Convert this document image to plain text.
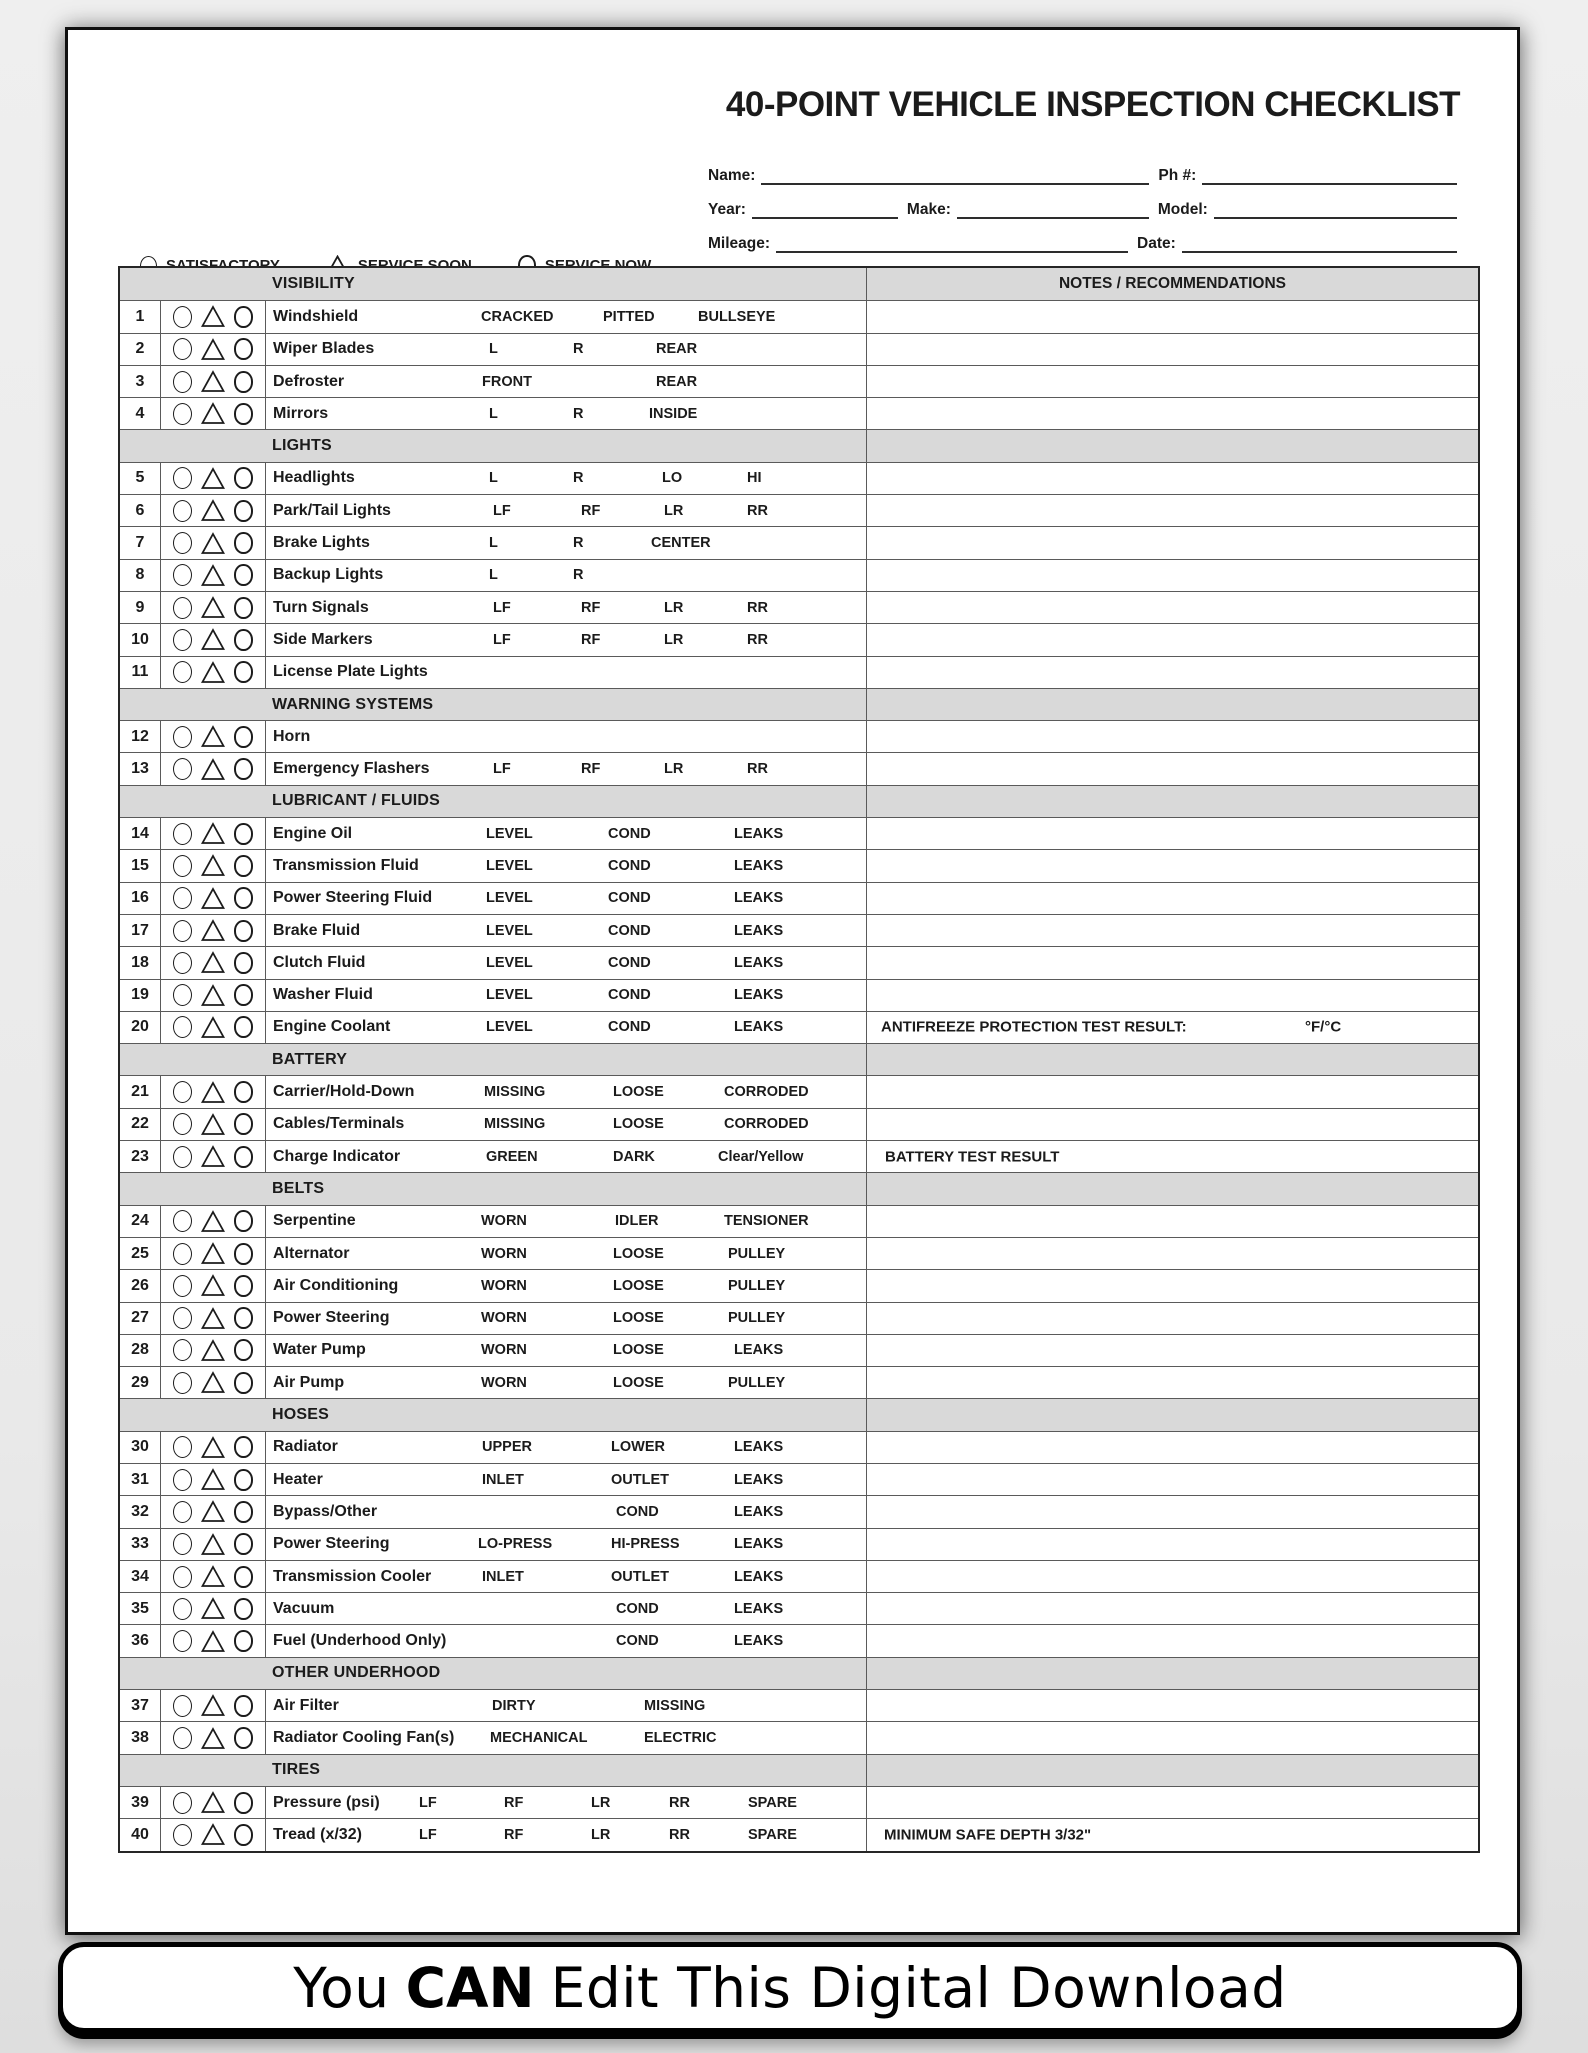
40-POINT VEHICLE INSPECTION CHECKLIST
Name:	Ph #:
Year:	Make:	Model:
Mileage:	Date:
VISIBILITY	NOTES / RECOMMENDATIONS
1	Windshield	CRACKED	PITTED	BULLSEYE
2	Wiper Blades	L	R	REAR
3	Defroster	FRONT	REAR
4	Mirrors	L	R	INSIDE
LIGHTS
5	Headlights	L	R	LO	HI
6	Park/Tail Lights	LF	RF	LR	RR
7	Brake Lights	L	R	CENTER
8	Backup Lights	L	R
9	Turn Signals	LF	RF	LR	RR
10	Side Markers	LF	RF	LR	RR
11	License Plate Lights
WARNING SYSTEMS
12	Horn
13	Emergency Flashers	LF	RF	LR	RR
LUBRICANT / FLUIDS
14	Engine Oil	LEVEL	COND	LEAKS
15	Transmission Fluid	LEVEL	COND	LEAKS
16	Power Steering Fluid	LEVEL	COND	LEAKS
17	Brake Fluid	LEVEL	COND	LEAKS
18	Clutch Fluid	LEVEL	COND	LEAKS
19	Washer Fluid	LEVEL	COND	LEAKS
20	Engine Coolant	LEVEL	COND	LEAKS	ANTIFREEZE PROTECTION TEST RESULT:	°F/°C
BATTERY
21	Carrier/Hold-Down	MISSING	LOOSE	CORRODED
22	Cables/Terminals	MISSING	LOOSE	CORRODED
23	Charge Indicator	GREEN	DARK	Clear/Yellow	BATTERY TEST RESULT
BELTS
24	Serpentine	WORN	IDLER	TENSIONER
25	Alternator	WORN	LOOSE	PULLEY
26	Air Conditioning	WORN	LOOSE	PULLEY
27	Power Steering	WORN	LOOSE	PULLEY
28	Water Pump	WORN	LOOSE	LEAKS
29	Air Pump	WORN	LOOSE	PULLEY
HOSES
30	Radiator	UPPER	LOWER	LEAKS
31	Heater	INLET	OUTLET	LEAKS
32	Bypass/Other	COND	LEAKS
33	Power Steering	LO-PRESS	HI-PRESS	LEAKS
34	Transmission Cooler	INLET	OUTLET	LEAKS
35	Vacuum	COND	LEAKS
36	Fuel (Underhood Only)	COND	LEAKS
OTHER UNDERHOOD
37	Air Filter	DIRTY	MISSING
38	Radiator Cooling Fan(s) MECHANICAL	ELECTRIC
TIRES
39	Pressure (psi)	LF	RF	LR	RR	SPARE
40	Tread (x/32)	LF	RF	LR	RR	SPARE	MINIMUM SAFE DEPTH 3/32"
You CAN Edit This Digital Download
